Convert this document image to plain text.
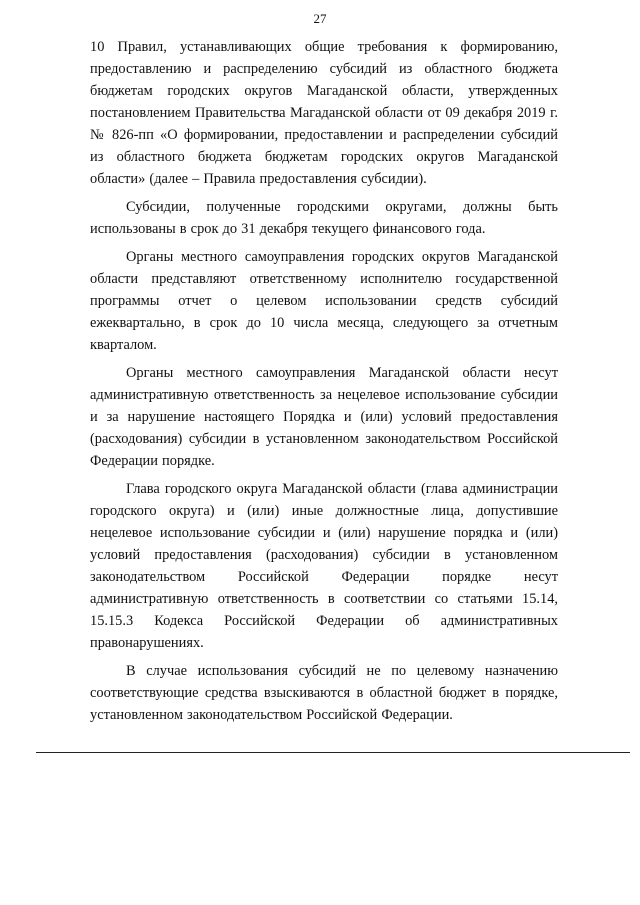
27

10 Правил, устанавливающих общие требования к формированию, предоставлению и распределению субсидий из областного бюджета бюджетам городских округов Магаданской области, утвержденных постановлением Правительства Магаданской области от 09 декабря 2019 г. № 826-пп «О формировании, предоставлении и распределении субсидий из областного бюджета бюджетам городских округов Магаданской области» (далее – Правила предоставления субсидии).

Субсидии, полученные городскими округами, должны быть использованы в срок до 31 декабря текущего финансового года.

Органы местного самоуправления городских округов Магаданской области представляют ответственному исполнителю государственной программы отчет о целевом использовании средств субсидий ежеквартально, в срок до 10 числа месяца, следующего за отчетным кварталом.

Органы местного самоуправления Магаданской области несут административную ответственность за нецелевое использование субсидии и за нарушение настоящего Порядка и (или) условий предоставления (расходования) субсидии в установленном законодательством Российской Федерации порядке.

Глава городского округа Магаданской области (глава администрации городского округа) и (или) иные должностные лица, допустившие нецелевое использование субсидии и (или) нарушение порядка и (или) условий предоставления (расходования) субсидии в установленном законодательством Российской Федерации порядке несут административную ответственность в соответствии со статьями 15.14, 15.15.3 Кодекса Российской Федерации об административных правонарушениях.

В случае использования субсидий не по целевому назначению соответствующие средства взыскиваются в областной бюджет в порядке, установленном законодательством Российской Федерации.
